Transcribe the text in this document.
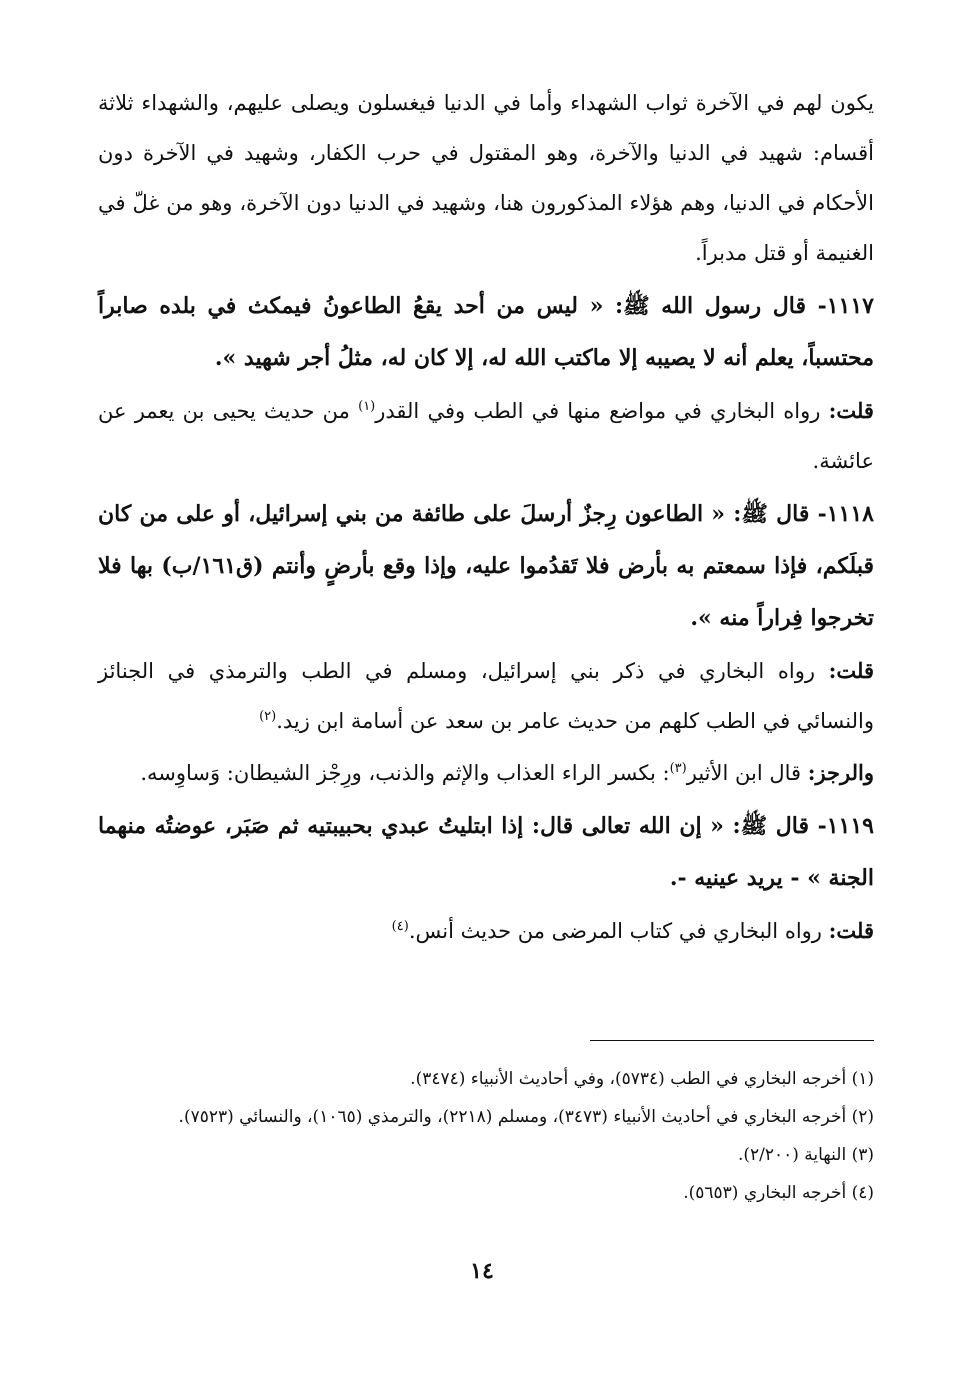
يكون لهم في الآخرة ثواب الشهداء وأما في الدنيا فيغسلون ويصلى عليهم، والشهداء ثلاثة أقسام: شهيد في الدنيا والآخرة، وهو المقتول في حرب الكفار، وشهيد في الآخرة دون الأحكام في الدنيا، وهم هؤلاء المذكورون هنا، وشهيد في الدنيا دون الآخرة، وهو من غلّ في الغنيمة أو قتل مدبراً.

١١١٧- قال رسول الله ﷺ: « ليس من أحد يقعُ الطاعونُ فيمكث في بلده صابراً محتسباً، يعلم أنه لا يصيبه إلا ماكتب الله له، إلا كان له، مثلُ أجر شهيد ».

قلت: رواه البخاري في مواضع منها في الطب وفي القدر$^{(١)}$ من حديث يحيى بن يعمر عن عائشة.

١١١٨- قال ﷺ: « الطاعون رِجزٌ أرسلَ على طائفة من بني إسرائيل، أو على من كان قبلَكم، فإذا سمعتم به بأرض فلا تَقدُموا عليه، وإذا وقع بأرضٍ وأنتم (ق١٦١/ب) بها فلا تخرجوا فِراراً منه ».

قلت: رواه البخاري في ذكر بني إسرائيل، ومسلم في الطب والترمذي في الجنائز والنسائي في الطب كلهم من حديث عامر بن سعد عن أسامة ابن زيد.$^{(٢)}$

والرجز: قال ابن الأثير$^{(٣)}$: بكسر الراء العذاب والإثم والذنب، ورِجْز الشيطان: وَساوِسه.

١١١٩- قال ﷺ: « إن الله تعالى قال: إذا ابتليتُ عبدي بحبيبتيه ثم صَبَر، عوضتُه منهما الجنة » - يريد عينيه -.

قلت: رواه البخاري في كتاب المرضى من حديث أنس.$^{(٤)}$

(١) أخرجه البخاري في الطب (٥٧٣٤)، وفي أحاديث الأنبياء (٣٤٧٤).

(٢) أخرجه البخاري في أحاديث الأنبياء (٣٤٧٣)، ومسلم (٢٢١٨)، والترمذي (١٠٦٥)، والنسائي (٧٥٢٣).

(٣) النهاية (٢/٢٠٠).

(٤) أخرجه البخاري (٥٦٥٣).

١٤
